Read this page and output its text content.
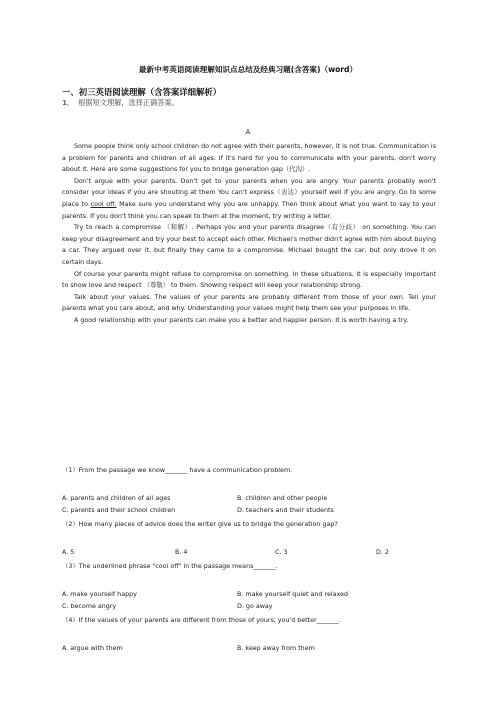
最新中考英语阅读理解知识点总结及经典习题(含答案)（word）
一、初三英语阅读理解（含答案详细解析）
1． 根据短文理解，选择正确答案。
A

Some people think only school children do not agree with their parents, however, it is not true. Communication is a problem for parents and children of all ages. If it's hard for you to communicate with your parents, don't worry about it. Here are some suggestions for you to bridge generation gap（代沟）.

Don't argue with your parents. Don't get to your parents when you are angry. Your parents probably won't consider your ideas if you are shouting at them You can't express（表达）yourself well if you are angry. Go to some place to cool off. Make sure you understand why you are unhappy. Then think about what you want to say to your parents. If you don't think you can speak to them at the moment, try writing a letter.

Try to reach a compromise （和解）. Perhaps you and your parents disagree（有分歧） on something. You can keep your disagreement and try your best to accept each other. Michael's mother didn't agree with him about buying a car. They argued over it, but finally they came to a compromise. Michael bought the car, but only drove it on certain days.

Of course your parents might refuse to compromise on something. In these situations, it is especially important to show love and respect （尊敬） to them. Showing respect will keep your relationship strong.

Talk about your values. The values of your parents are probably different from those of your own. Tell your parents what you care about, and why. Understanding your values might help them see your purposes in life.

A good relationship with your parents can make you a better and happier person. It is worth having a try.

（1）From the passage we know_______ have a communication problem.
A. parents and children of all ages	B. children and other people
C. parents and their school children	D. teachers and their students
（2）How many pieces of advice does the writer give us to bridge the generation gap?
A. 5	B. 4	C. 3	D. 2
（3）The underlined phrase "cool off" in the passage means_______.
A. make yourself happy	B. make yourself quiet and relaxed
C. become angry	D. go away
（4）If the values of your parents are different from those of yours, you'd better_______.
A. argue with them	B. keep away from them
